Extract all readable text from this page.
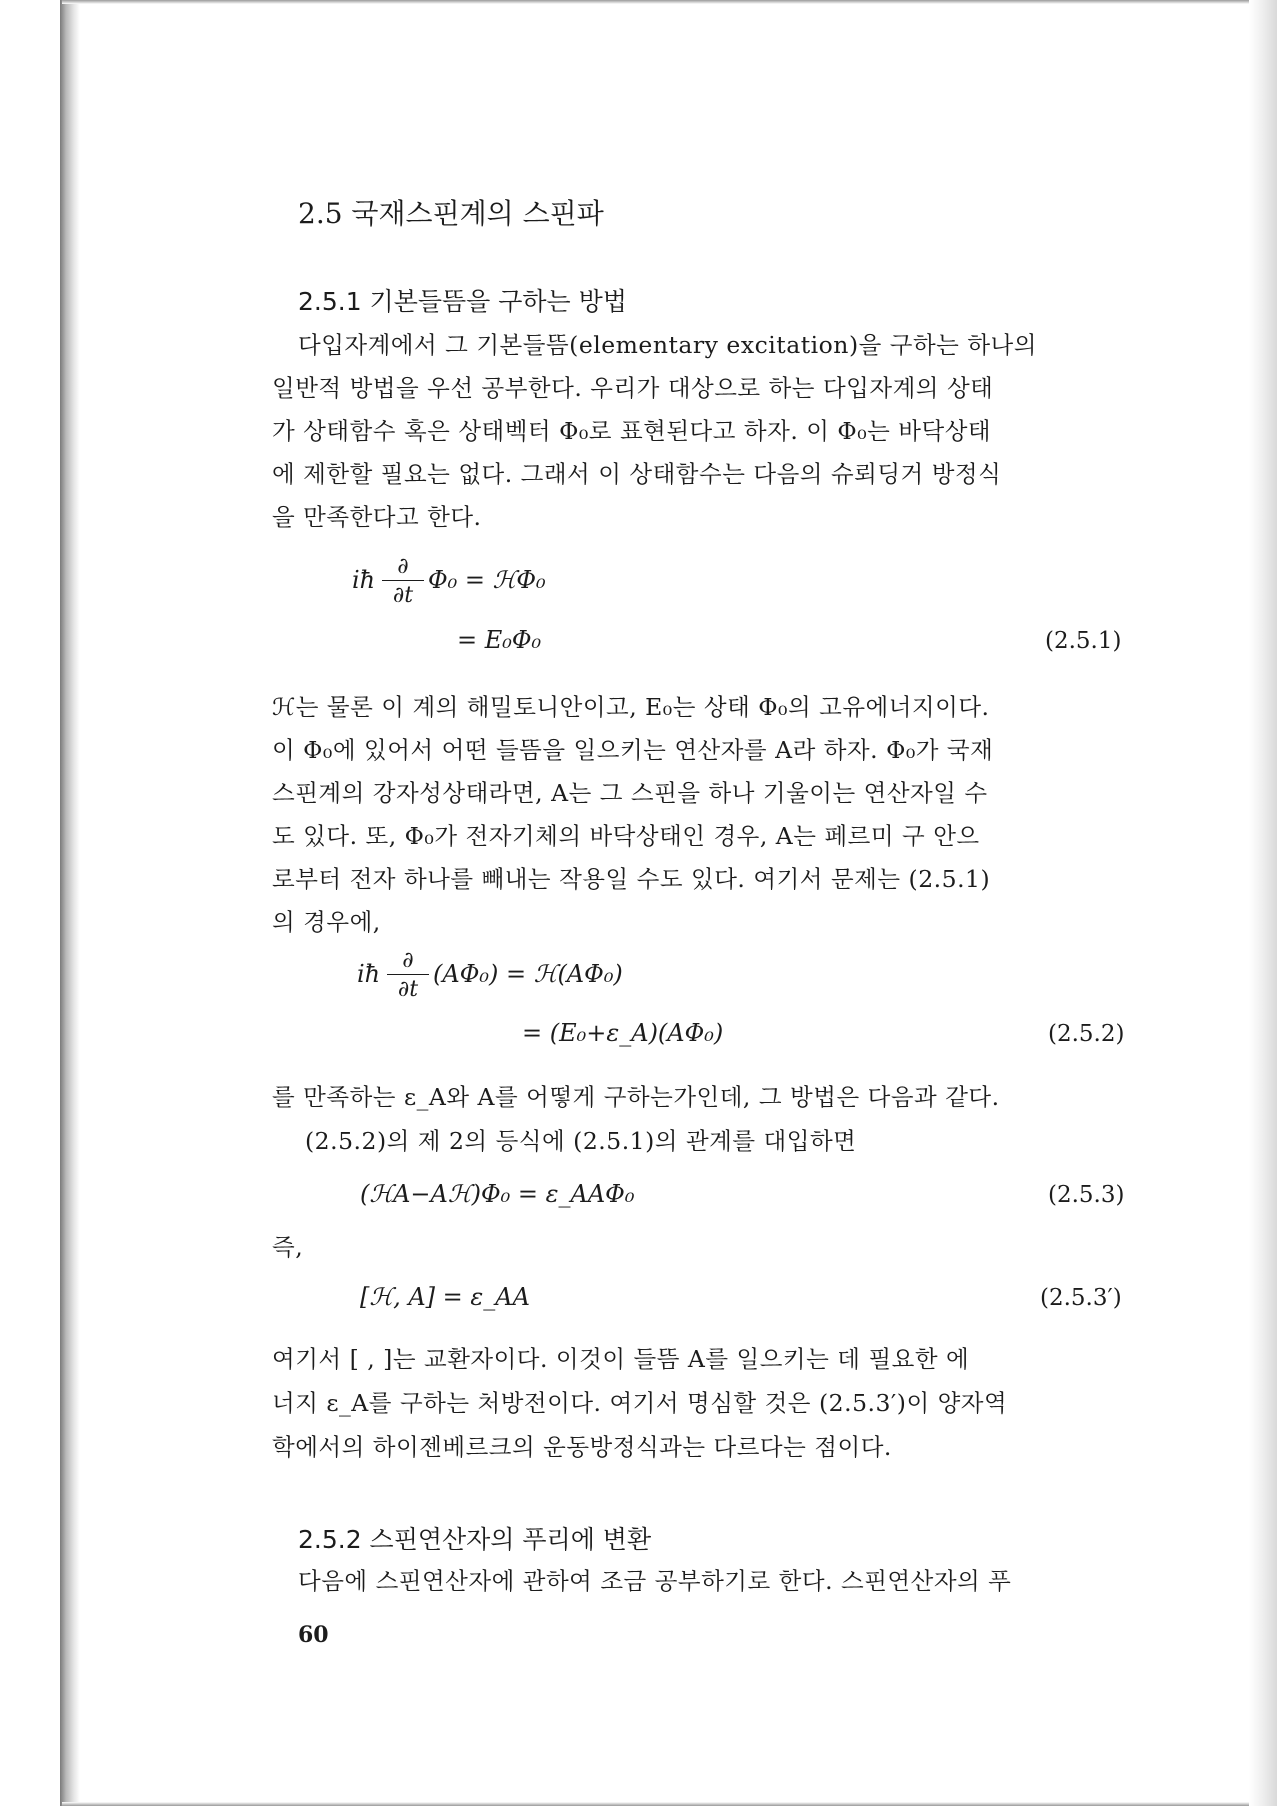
2.5 국재스핀계의 스핀파

2.5.1 기본들뜸을 구하는 방법

다입자계에서 그 기본들뜸(elementary excitation)을 구하는 하나의

일반적 방법을 우선 공부한다. 우리가 대상으로 하는 다입자계의 상태

가 상태함수 혹은 상태벡터 Φ₀로 표현된다고 하자. 이 Φ₀는 바닥상태

에 제한할 필요는 없다. 그래서 이 상태함수는 다음의 슈뢰딩거 방정식

을 만족한다고 한다.

iħ	∂
∂t
Φ₀ = ℋΦ₀
= E₀Φ₀	(2.5.1)

ℋ는 물론 이 계의 해밀토니안이고, E₀는 상태 Φ₀의 고유에너지이다.

이 Φ₀에 있어서 어떤 들뜸을 일으키는 연산자를 A라 하자. Φ₀가 국재

스핀계의 강자성상태라면, A는 그 스핀을 하나 기울이는 연산자일 수

도 있다. 또, Φ₀가 전자기체의 바닥상태인 경우, A는 페르미 구 안으

로부터 전자 하나를 빼내는 작용일 수도 있다. 여기서 문제는 (2.5.1)

의 경우에,

iħ	∂
∂t
(AΦ₀) = ℋ(AΦ₀)
= (E₀+ε_A)(AΦ₀)	(2.5.2)

를 만족하는 ε_A와 A를 어떻게 구하는가인데, 그 방법은 다음과 같다.

(2.5.2)의 제 2의 등식에 (2.5.1)의 관계를 대입하면

(ℋA−Aℋ)Φ₀ = ε_AAΦ₀	(2.5.3)

즉,

[ℋ, A] = ε_AA	(2.5.3′)

여기서 [ , ]는 교환자이다. 이것이 들뜸 A를 일으키는 데 필요한 에

너지 ε_A를 구하는 처방전이다. 여기서 명심할 것은 (2.5.3′)이 양자역

학에서의 하이젠베르크의 운동방정식과는 다르다는 점이다.

2.5.2 스핀연산자의 푸리에 변환

다음에 스핀연산자에 관하여 조금 공부하기로 한다. 스핀연산자의 푸

60
